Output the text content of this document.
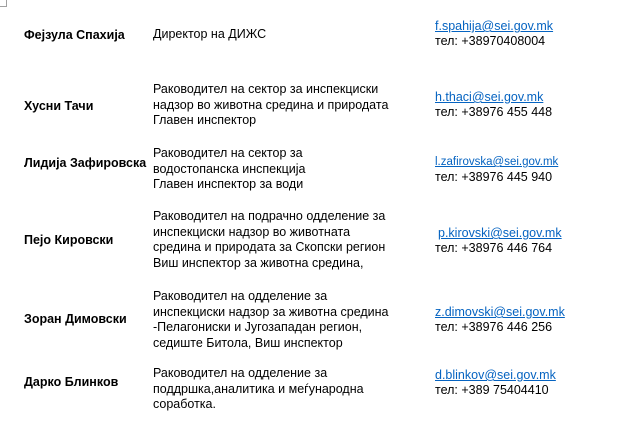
Фејзула Спахија	Директор на ДИЖС
f.spahija@sei.gov.mk
тел: +38970408004
Хусни Тачи
Раководител на сектор за инспекциски
надзор во животна средина и природата
Главен инспектор
h.thaci@sei.gov.mk
тел: +38976 455 448
Лидија Зафировска
Раководител на сектор за
водостопанска инспекција
Главен инспектор за води
l.zafirovska@sei.gov.mk
тел: +38976 445 940
Пејо Кировски
Раководител на подрачно одделение за
инспекциски надзор во животната
средина и природата за Скопски регион
Виш инспектор за животна средина,
p.kirovski@sei.gov.mk
тел: +38976 446 764
Зоран Димовски
Раководител на одделение за
инспекциски надзор за животна средина
-Пелагониски и Југозападан регион,
седиште Битола, Виш инспектор
z.dimovski@sei.gov.mk
тел: +38976 446 256
Дарко Блинков
Раководител на одделение за
поддршка,аналитика и меѓународна
соработка.
d.blinkov@sei.gov.mk
тел: +389 75404410
